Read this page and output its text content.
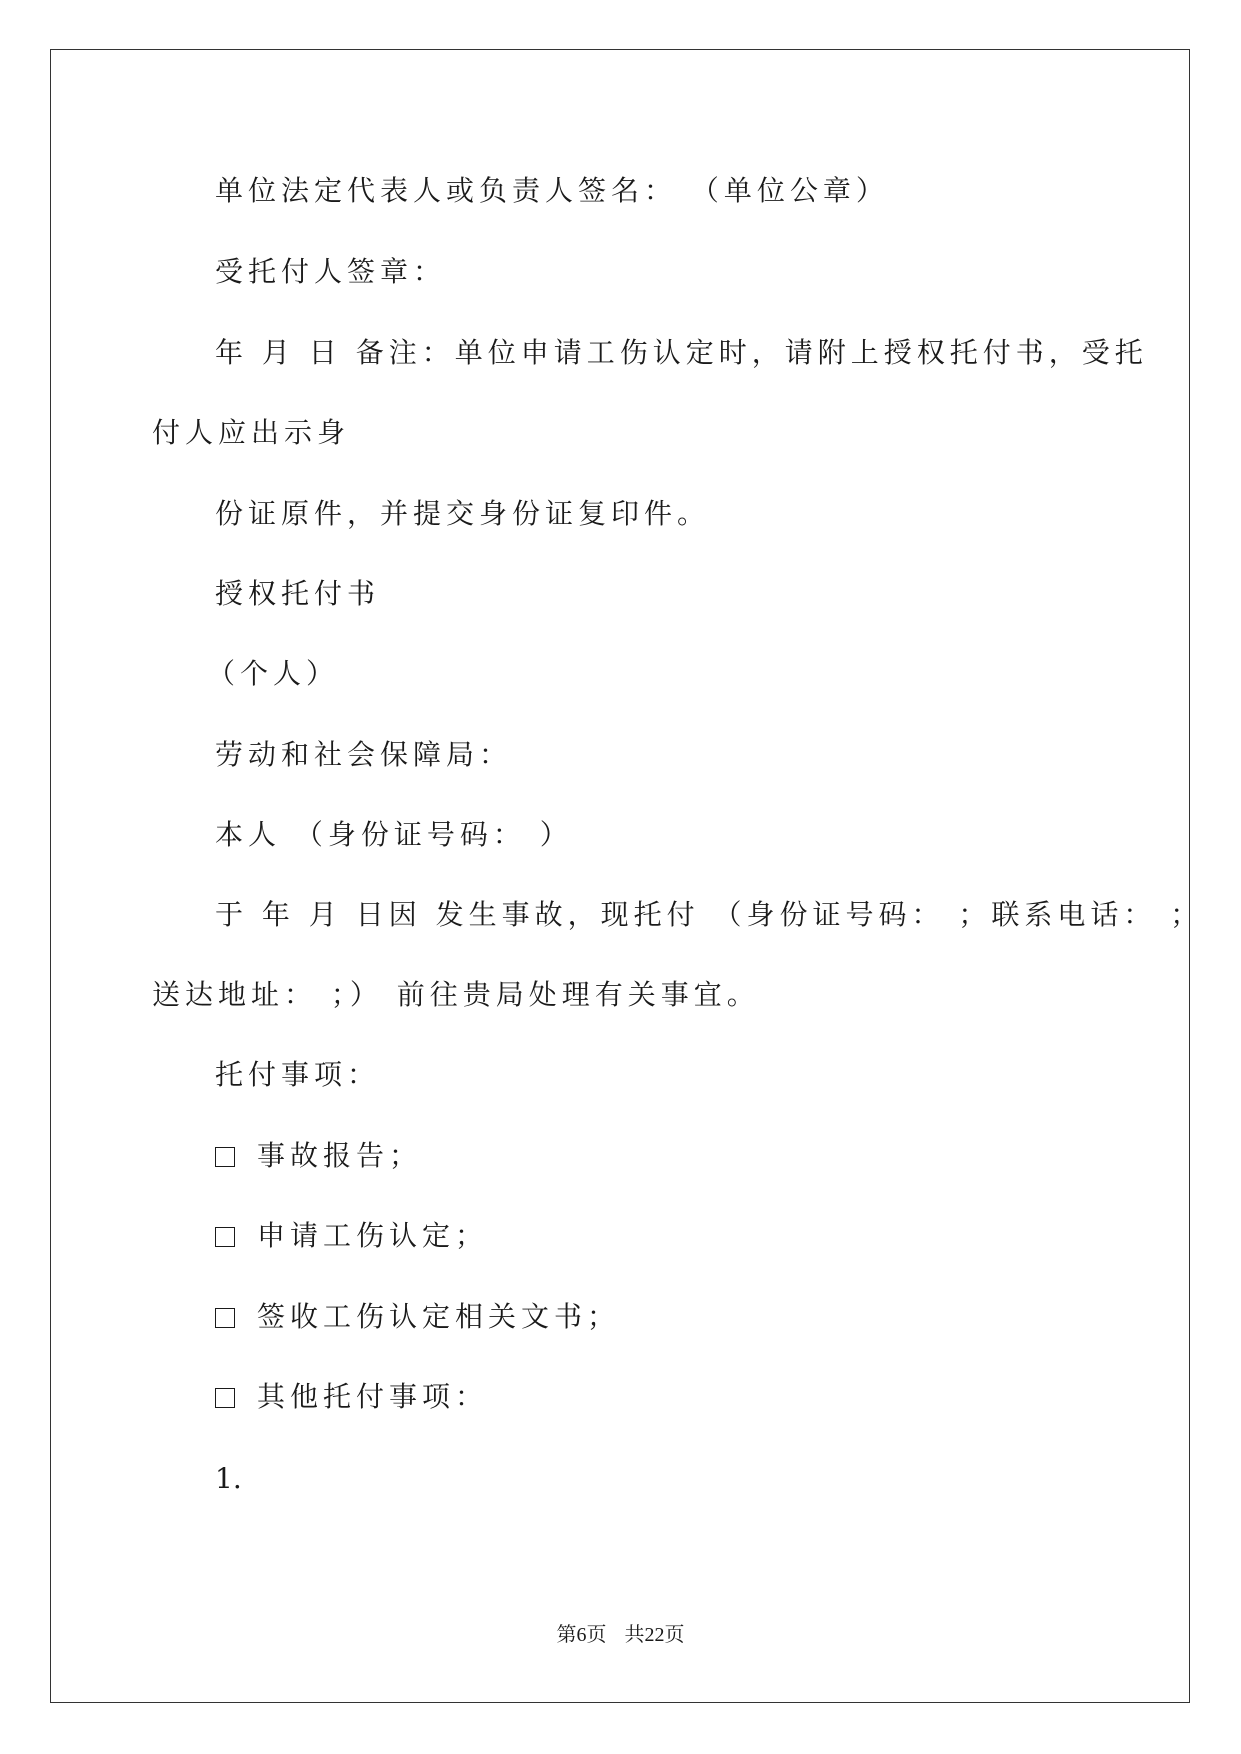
单位法定代表人或负责人签名： （单位公章）
受托付人签章：
年 月 日 备注：单位申请工伤认定时，请附上授权托付书，受托
付人应出示身
份证原件，并提交身份证复印件。
授权托付书
（个人）
劳动和社会保障局：
本人 （身份证号码： ）
于 年 月 日因 发生事故，现托付 （身份证号码： ；联系电话： ；
送达地址： ；） 前往贵局处理有关事宜。
托付事项：
事故报告；
申请工伤认定；
签收工伤认定相关文书；
其他托付事项：
1.
第6页 共22页
